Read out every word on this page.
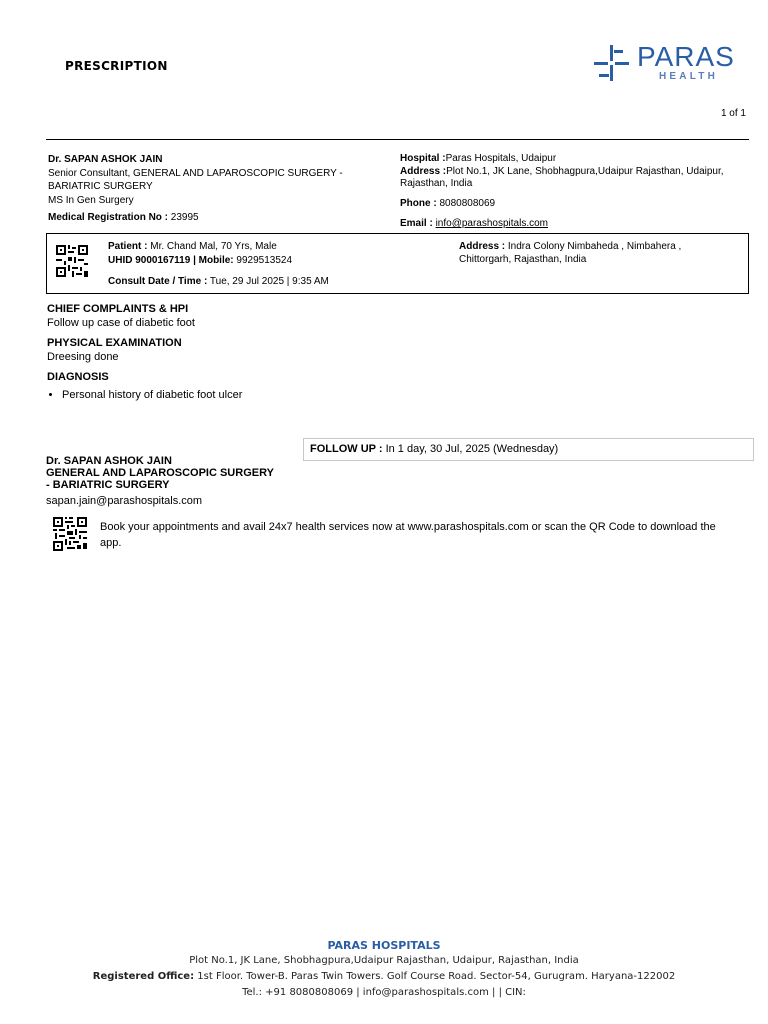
PRESCRIPTION	PARAS
HEALTH
1 of 1
Dr. SAPAN ASHOK JAIN
Senior Consultant, GENERAL AND LAPAROSCOPIC SURGERY - BARIATRIC SURGERY
MS In Gen Surgery
Medical Registration No : 23995
Hospital :Paras Hospitals, Udaipur
Address :Plot No.1, JK Lane, Shobhagpura,Udaipur Rajasthan, Udaipur, Rajasthan, India
Phone : 8080808069
Email : info@parashospitals.com
Patient : Mr. Chand Mal, 70 Yrs, Male
UHID 9000167119 | Mobile: 9929513524
Consult Date / Time : Tue, 29 Jul 2025 | 9:35 AM
Address : Indra Colony Nimbaheda , Nimbahera , Chittorgarh, Rajasthan, India
CHIEF COMPLAINTS & HPI
Follow up case of diabetic foot
PHYSICAL EXAMINATION
Dreesing done
DIAGNOSIS
• Personal history of diabetic foot ulcer
FOLLOW UP : In 1 day, 30 Jul, 2025 (Wednesday)
Dr. SAPAN ASHOK JAIN
GENERAL AND LAPAROSCOPIC SURGERY
- BARIATRIC SURGERY
sapan.jain@parashospitals.com
Book your appointments and avail 24x7 health services now at www.parashospitals.com or scan the QR Code to download the app.
PARAS HOSPITALS
Plot No.1, JK Lane, Shobhagpura,Udaipur Rajasthan, Udaipur, Rajasthan, India
Registered Office: 1st Floor. Tower-B. Paras Twin Towers. Golf Course Road. Sector-54, Gurugram. Haryana-122002
Tel.: +91 8080808069 | info@parashospitals.com | | CIN:
